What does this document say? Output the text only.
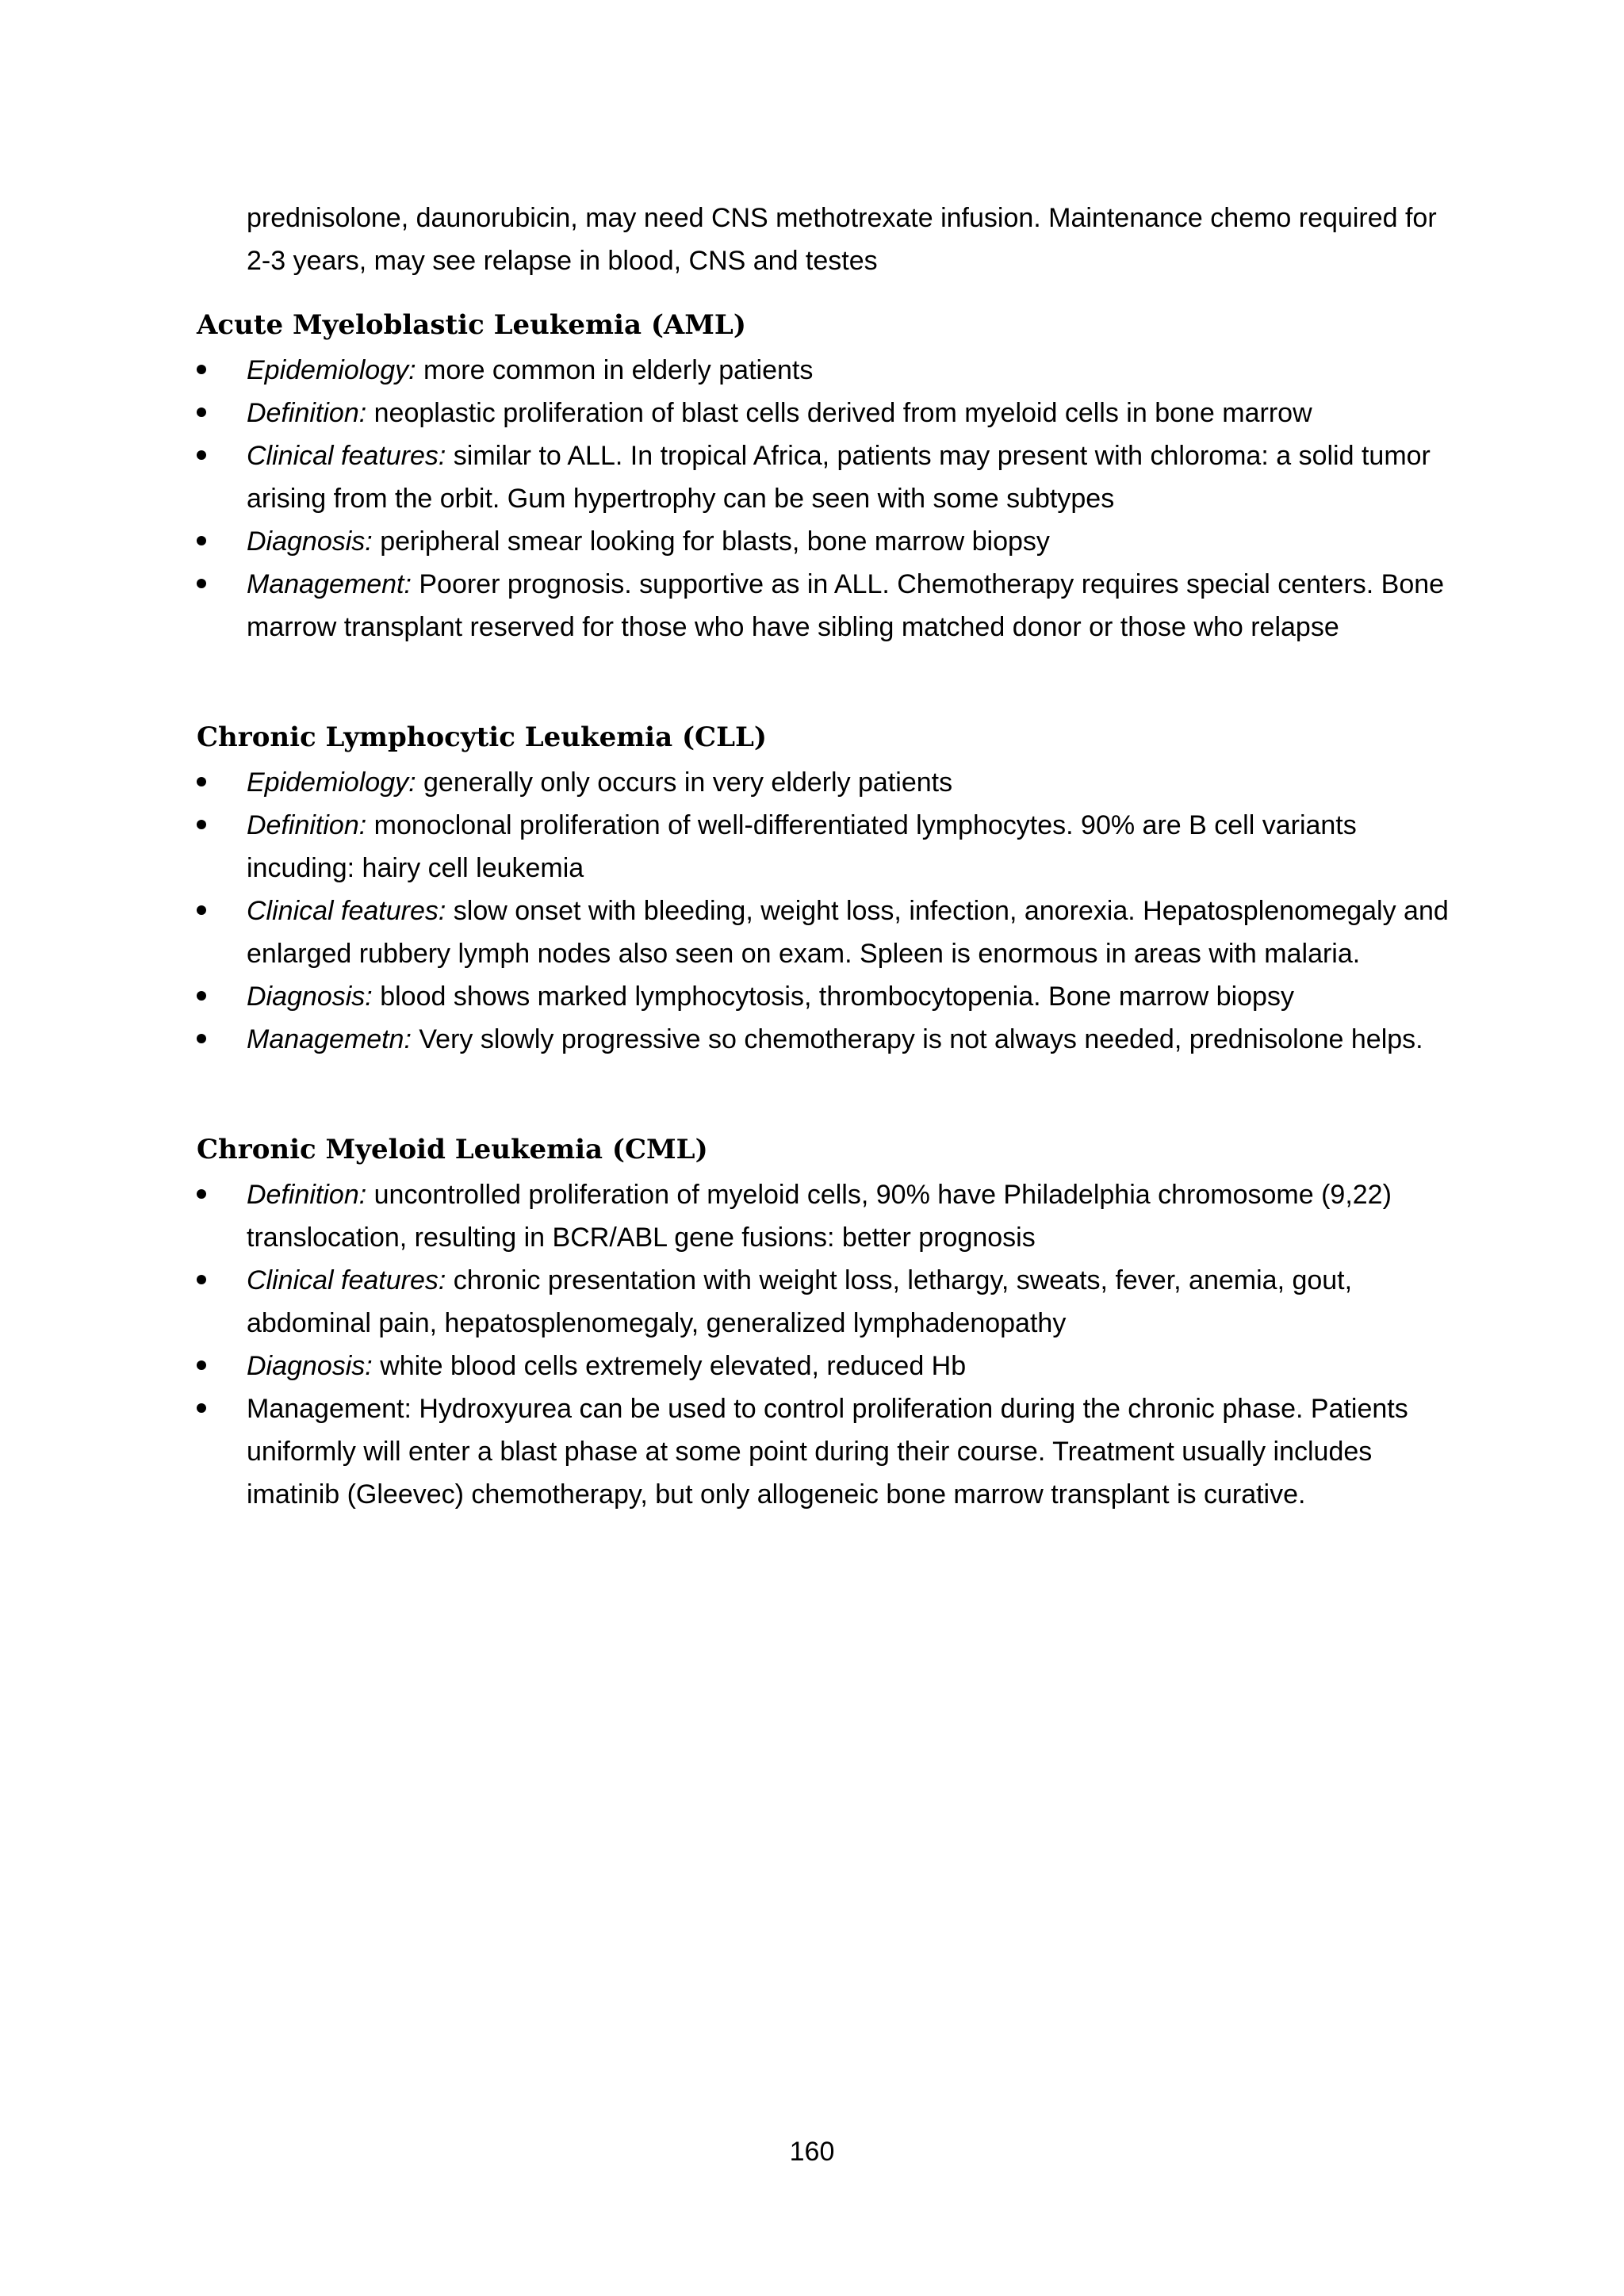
prednisolone, daunorubicin, may need CNS methotrexate infusion. Maintenance chemo required for 2-3 years, may see relapse in blood, CNS and testes

Acute Myeloblastic Leukemia (AML)
Epidemiology: more common in elderly patients
Definition: neoplastic proliferation of blast cells derived from myeloid cells in bone marrow
Clinical features: similar to ALL. In tropical Africa, patients may present with chloroma: a solid tumor arising from the orbit. Gum hypertrophy can be seen with some subtypes
Diagnosis: peripheral smear looking for blasts, bone marrow biopsy
Management: Poorer prognosis. supportive as in ALL. Chemotherapy requires special centers. Bone marrow transplant reserved for those who have sibling matched donor or those who relapse
Chronic Lymphocytic Leukemia (CLL)
Epidemiology: generally only occurs in very elderly patients
Definition: monoclonal proliferation of well-differentiated lymphocytes. 90% are B cell variants incuding: hairy cell leukemia
Clinical features: slow onset with bleeding, weight loss, infection, anorexia. Hepatosplenomegaly and enlarged rubbery lymph nodes also seen on exam. Spleen is enormous in areas with malaria.
Diagnosis: blood shows marked lymphocytosis, thrombocytopenia. Bone marrow biopsy
Managemetn: Very slowly progressive so chemotherapy is not always needed, prednisolone helps.
Chronic Myeloid Leukemia (CML)
Definition: uncontrolled proliferation of myeloid cells, 90% have Philadelphia chromosome (9,22) translocation, resulting in BCR/ABL gene fusions: better prognosis
Clinical features: chronic presentation with weight loss, lethargy, sweats, fever, anemia, gout, abdominal pain, hepatosplenomegaly, generalized lymphadenopathy
Diagnosis: white blood cells extremely elevated, reduced Hb
Management: Hydroxyurea can be used to control proliferation during the chronic phase. Patients uniformly will enter a blast phase at some point during their course. Treatment usually includes imatinib (Gleevec) chemotherapy, but only allogeneic bone marrow transplant is curative.
160
